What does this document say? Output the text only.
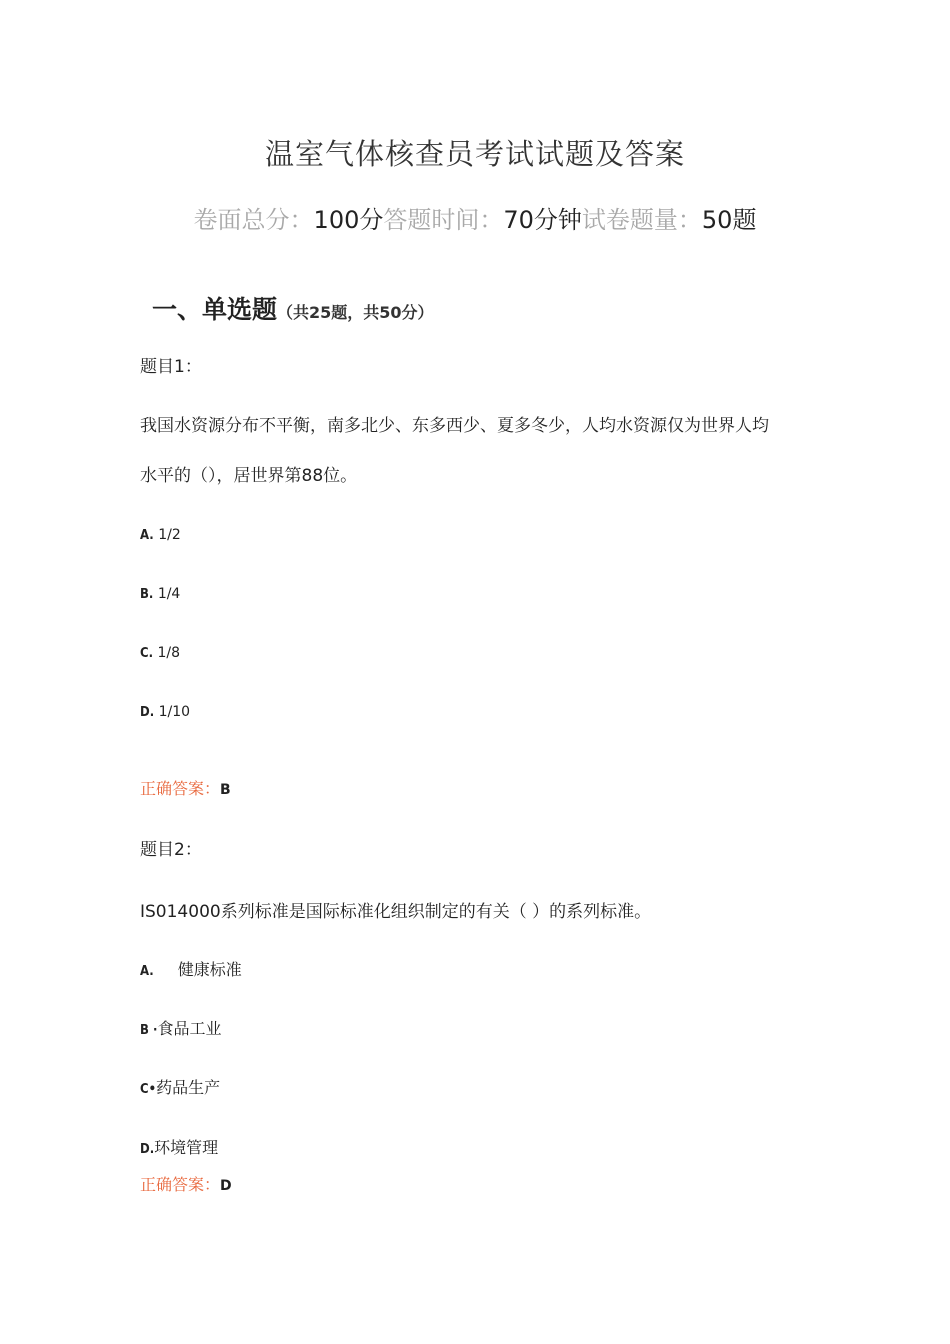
温室气体核查员考试试题及答案
卷面总分：100分答题时间：70分钟试卷题量：50题
一、单选题（共25题，共50分）
题目1：
我国水资源分布不平衡，南多北少、东多西少、夏多冬少，人均水资源仅为世界人均
水平的（），居世界第88位。
A. 1/2
B. 1/4
C. 1/8
D. 1/10
正确答案：B
题目2：
IS014000系列标准是国际标准化组织制定的有关（ ）的系列标准。
A. 健康标准
B ·食品工业
C•药品生产
D.环境管理
正确答案：D
